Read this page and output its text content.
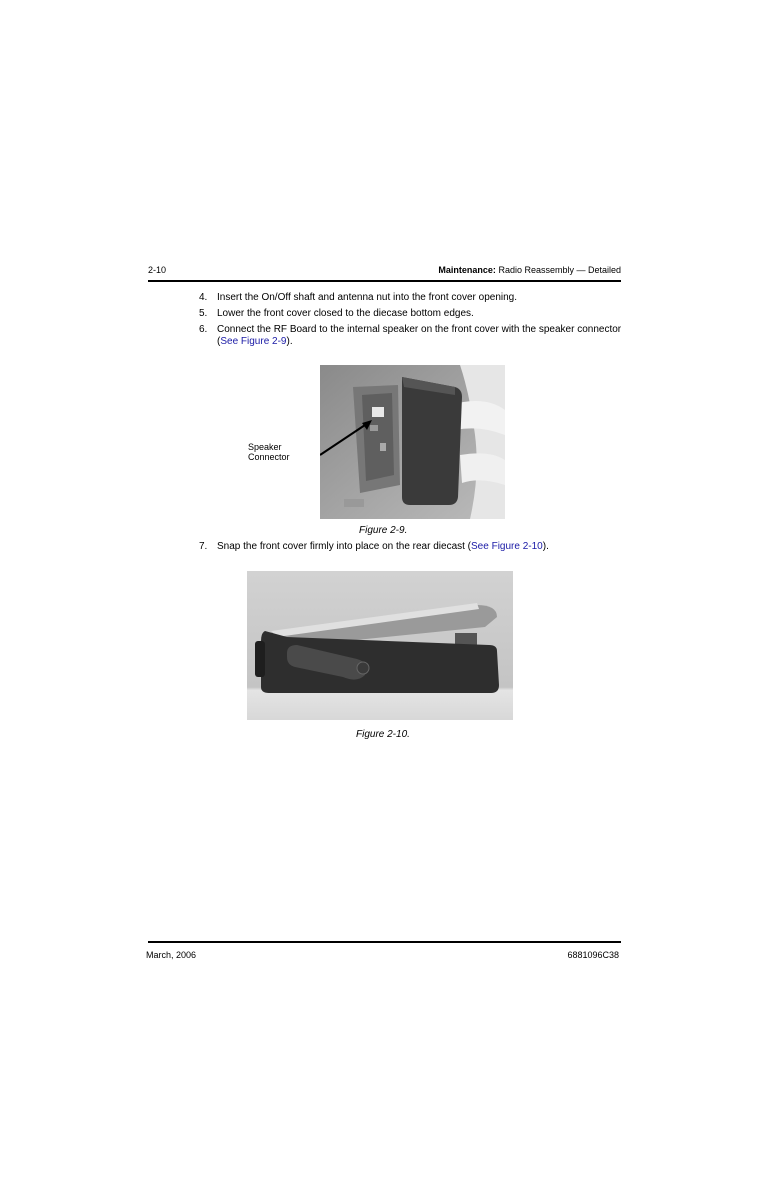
2-10	Maintenance: Radio Reassembly — Detailed
4. Insert the On/Off shaft and antenna nut into the front cover opening.
5. Lower the front cover closed to the diecase bottom edges.
6. Connect the RF Board to the internal speaker on the front cover with the speaker connector (See Figure 2-9).
Speaker
Connector
Figure 2-9.
7. Snap the front cover firmly into place on the rear diecast (See Figure 2-10).
Figure 2-10.
March, 2006	6881096C38
